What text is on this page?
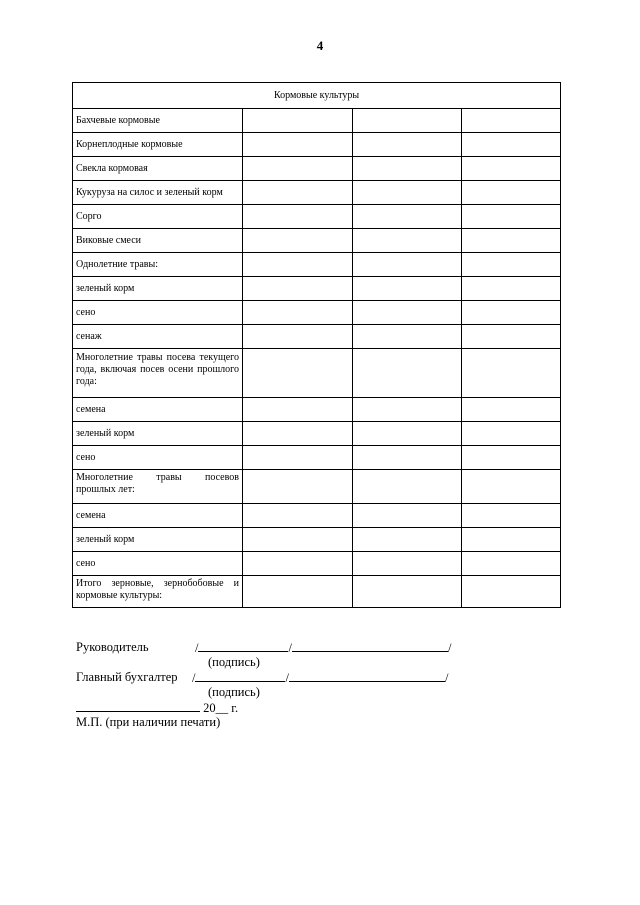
4
Кормовые культуры			

Бахчевые кормовые			

Корнеплодные кормовые			

Свекла кормовая			

Кукуруза на силос и зеленый корм			

Сорго			

Виковые смеси			

Однолетние травы:			

зеленый корм			

сено			

сенаж			

Многолетние травы посева текущего года, включая посев осени прошлого года:			

семена			

зеленый корм			

сено			

Многолетние травы посевов прошлых лет:			

семена			

зеленый корм			

сено			

Итого зерновые, зернобобовые и кормовые культуры:			

Руководитель	/	/	/
(подпись)
Главный бухгалтер /	/	/
(подпись)
20__ г.
М.П. (при наличии печати)
